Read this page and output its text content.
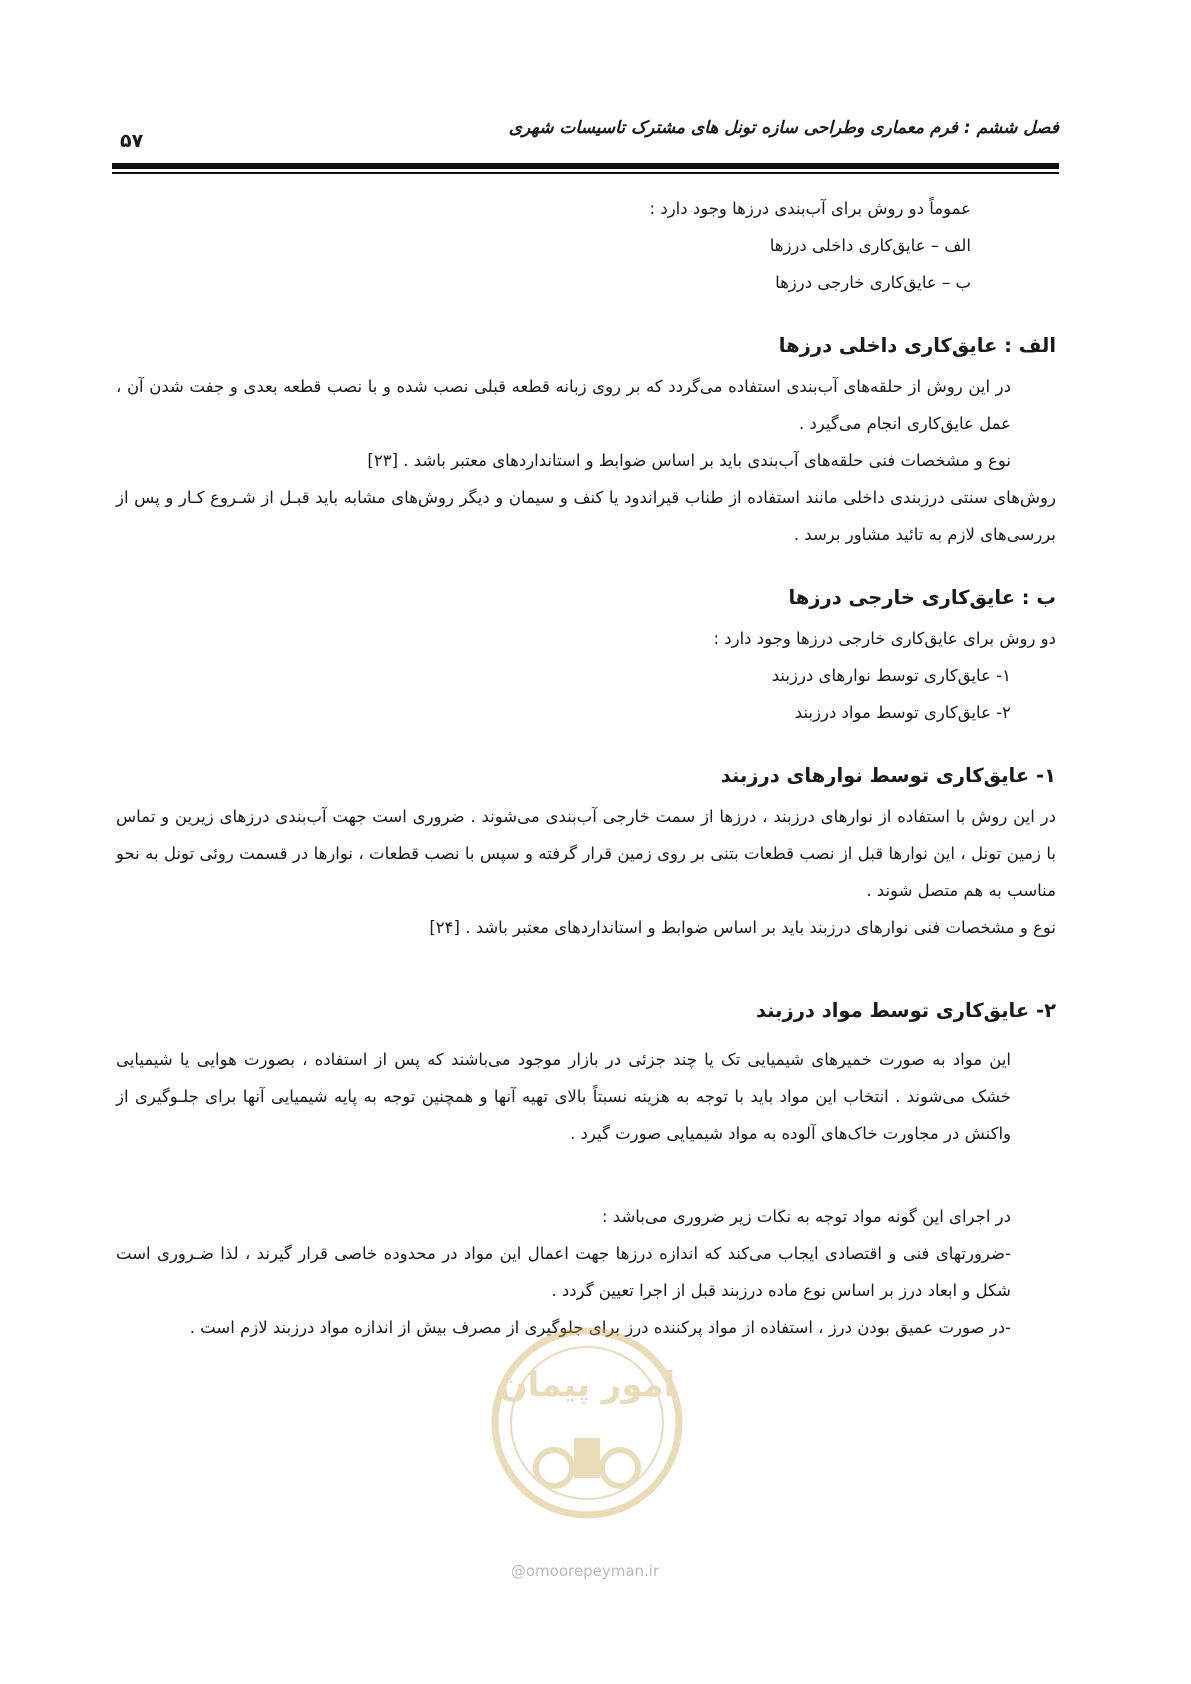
فصل ششم : فرم معماری وطراحی سازه تونل های مشترک تاسیسات شهری
۵۷

عموماً دو روش برای آب‌بندی درزها وجود دارد :

الف – عایق‌کاری داخلی درزها

ب – عایق‌کاری خارجی درزها

الف : عایق‌کاری داخلی درزها

در این روش از حلقه‌های آب‌بندی استفاده می‌گردد که بر روی زبانه قطعه قبلی نصب شده و با نصب قطعه بعدی و جفت شدن آن ، عمل عایق‌کاری انجام می‌گیرد .

نوع و مشخصات فنی حلقه‌های آب‌بندی باید بر اساس ضوابط و استانداردهای معتبر باشد . [۲۳]

روش‌های سنتی درزبندی داخلی مانند استفاده از طناب قیراندود یا کنف و سیمان و دیگر روش‌های مشابه باید قبـل از شـروع کـار و پس از بررسی‌های لازم به تائید مشاور برسد .

ب : عایق‌کاری خارجی درزها

دو روش برای عایق‌کاری خارجی درزها وجود دارد :

۱- عایق‌کاری توسط نوارهای درزبند

۲- عایق‌کاری توسط مواد درزبند

۱- عایق‌کاری توسط نوارهای درزبند

در این روش با استفاده از نوارهای درزبند ، درزها از سمت خارجی آب‌بندی می‌شوند . ضروری است جهت آب‌بندی درزهای زیرین و تماس با زمین تونل ، این نوارها قبل از نصب قطعات بتنی بر روی زمین قرار گرفته و سپس با نصب قطعات ، نوارها در قسمت روئی تونل به نحو مناسب به هم متصل شوند .

نوع و مشخصات فنی نوارهای درزبند باید بر اساس ضوابط و استانداردهای معتبر باشد . [۲۴]

۲- عایق‌کاری توسط مواد درزبند

این مواد به صورت خمیرهای شیمیایی تک یا چند جزئی در بازار موجود می‌باشند که پس از استفاده ، بصورت هوایی یا شیمیایی خشک می‌شوند . انتخاب این مواد باید با توجه به هزینه نسبتاً بالای تهیه آنها و همچنین توجه به پایه شیمیایی آنها برای جلـوگیری از واکنش در مجاورت خاک‌های آلوده به مواد شیمیایی صورت گیرد .

در اجرای این گونه مواد توجه به نکات زیر ضروری می‌باشد :

-ضرورتهای فنی و اقتصادی ایجاب می‌کند که اندازه درزها جهت اعمال این مواد در محدوده خاصی قرار گیرند ، لذا ضـروری است شکل و ابعاد درز بر اساس نوع ماده درزبند قبل از اجرا تعیین گردد .

-در صورت عمیق بودن درز ، استفاده از مواد پرکننده درز برای جلوگیری از مصرف بیش از اندازه مواد درزبند لازم است .

امور پیمان
@omoorepeyman.ir
